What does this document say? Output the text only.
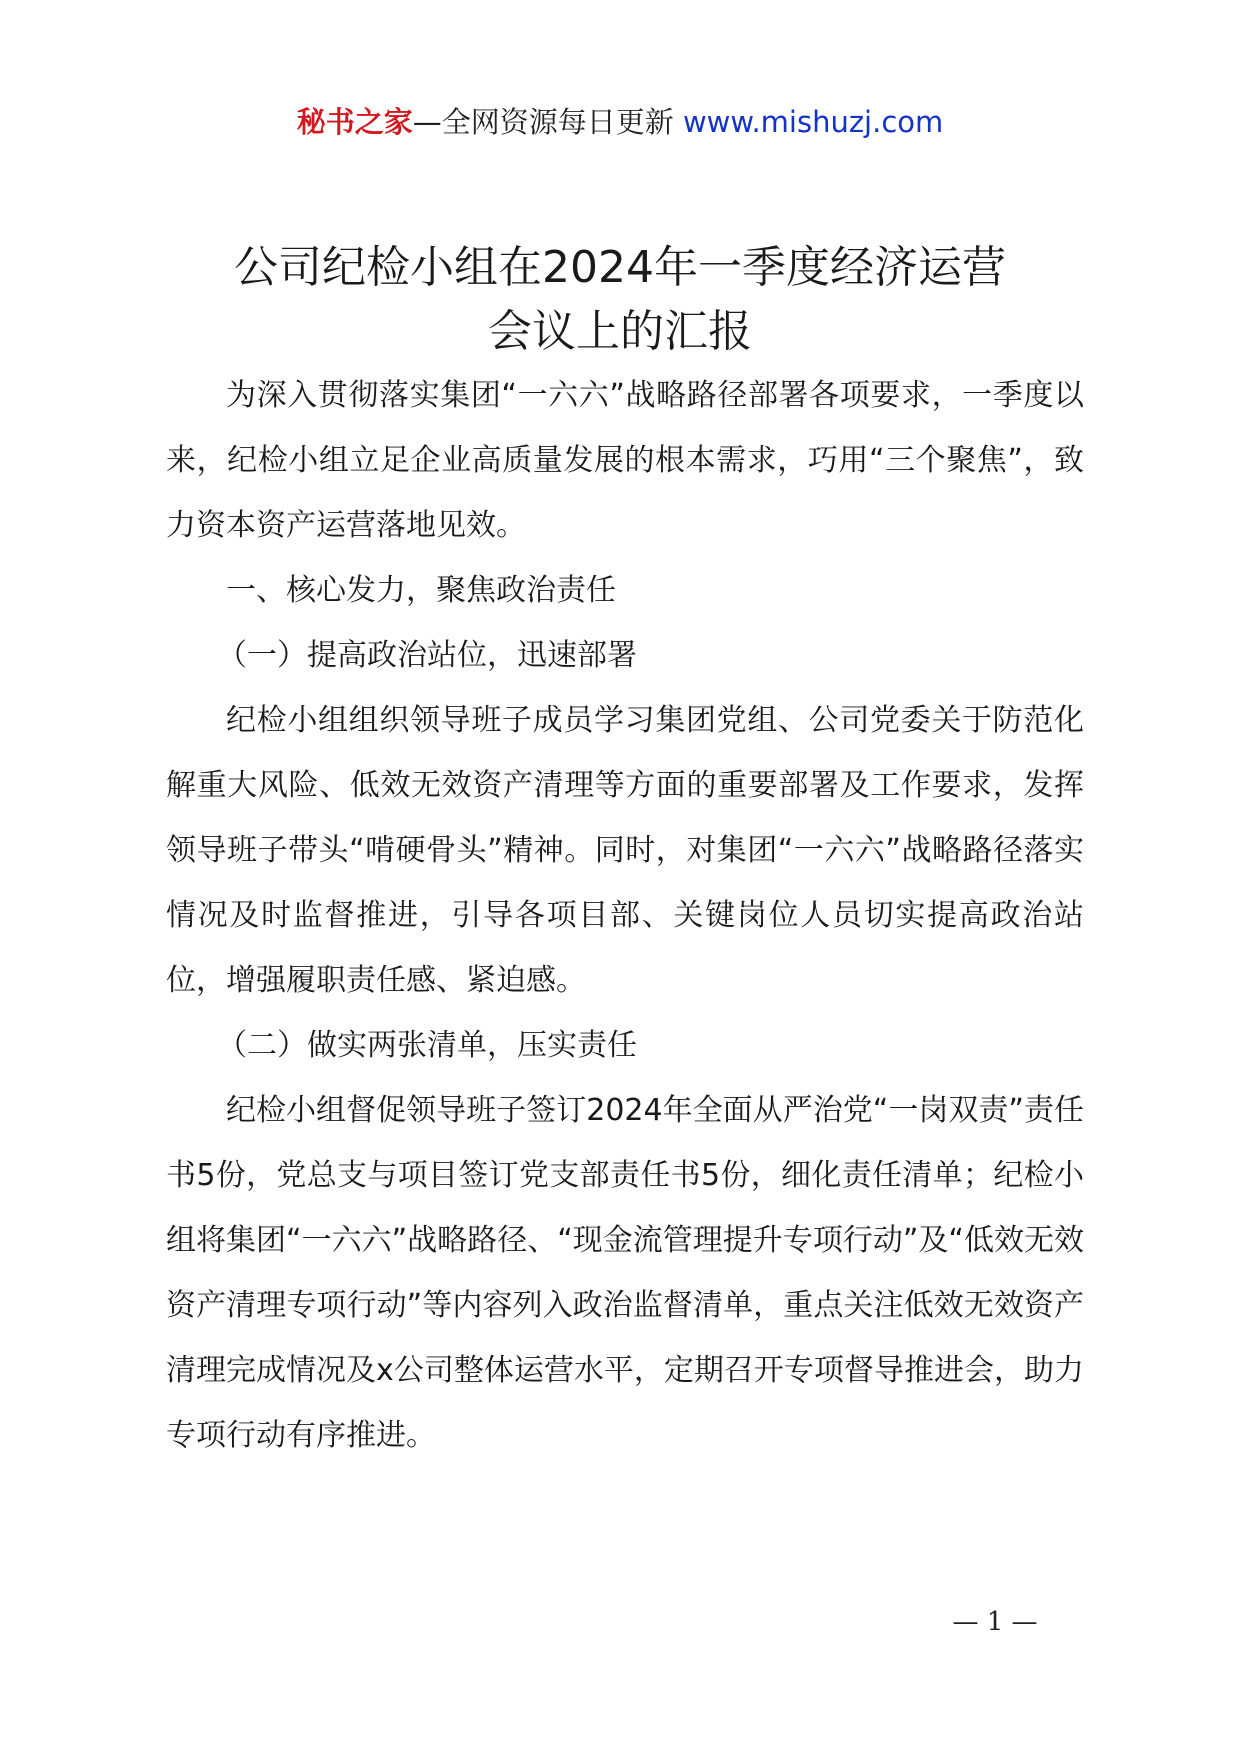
秘书之家—全网资源每日更新 www.mishuzj.com
公司纪检小组在2024年一季度经济运营
会议上的汇报

为深入贯彻落实集团“一六六”战略路径部署各项要求，一季度以来，纪检小组立足企业高质量发展的根本需求，巧用“三个聚焦”，致力资本资产运营落地见效。

一、核心发力，聚焦政治责任

（一）提高政治站位，迅速部署

纪检小组组织领导班子成员学习集团党组、公司党委关于防范化解重大风险、低效无效资产清理等方面的重要部署及工作要求，发挥领导班子带头“啃硬骨头”精神。同时，对集团“一六六”战略路径落实情况及时监督推进，引导各项目部、关键岗位人员切实提高政治站位，增强履职责任感、紧迫感。

（二）做实两张清单，压实责任

纪检小组督促领导班子签订2024年全面从严治党“一岗双责”责任书5份，党总支与项目签订党支部责任书5份，细化责任清单；纪检小组将集团“一六六”战略路径、“现金流管理提升专项行动”及“低效无效资产清理专项行动”等内容列入政治监督清单，重点关注低效无效资产清理完成情况及x公司整体运营水平，定期召开专项督导推进会，助力专项行动有序推进。

— 1 —
